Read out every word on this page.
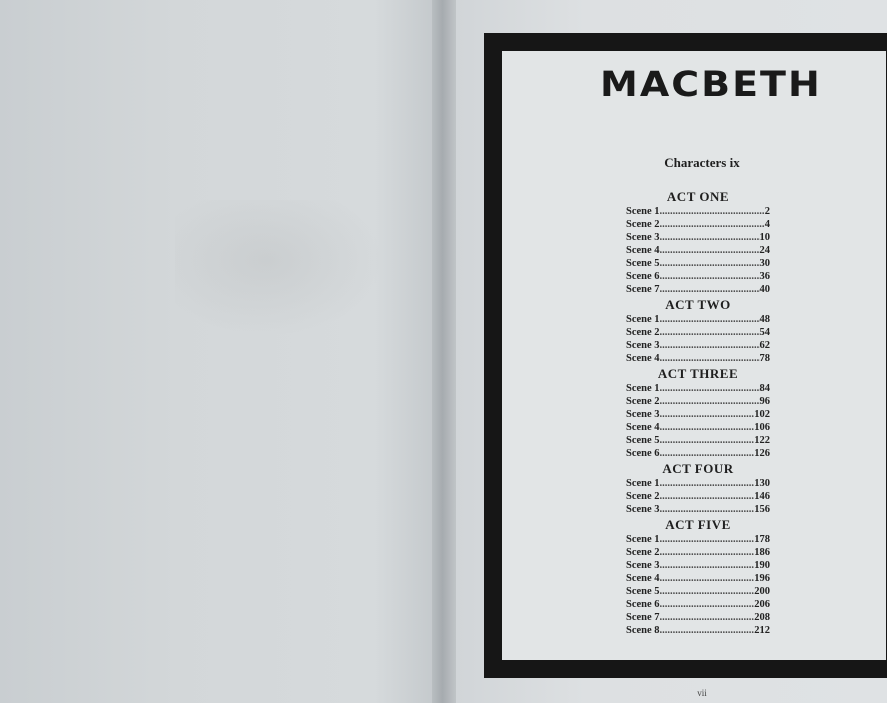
MACBETH
Characters ix
ACT ONE
Scene 1 .....	2
Scene 2 .....	4
Scene 3 .....	10
Scene 4 .....	24
Scene 5 .....	30
Scene 6 .....	36
Scene 7 .....	40
ACT TWO
Scene 1 .....	48
Scene 2 .....	54
Scene 3 .....	62
Scene 4 .....	78
ACT THREE
Scene 1 .....	84
Scene 2 .....	96
Scene 3 .....	102
Scene 4 .....	106
Scene 5 .....	122
Scene 6 .....	126
ACT FOUR
Scene 1 .....	130
Scene 2 .....	146
Scene 3 .....	156
ACT FIVE
Scene 1 .....	178
Scene 2 .....	186
Scene 3 .....	190
Scene 4 .....	196
Scene 5 .....	200
Scene 6 .....	206
Scene 7 .....	208
Scene 8 .....	212
vii
